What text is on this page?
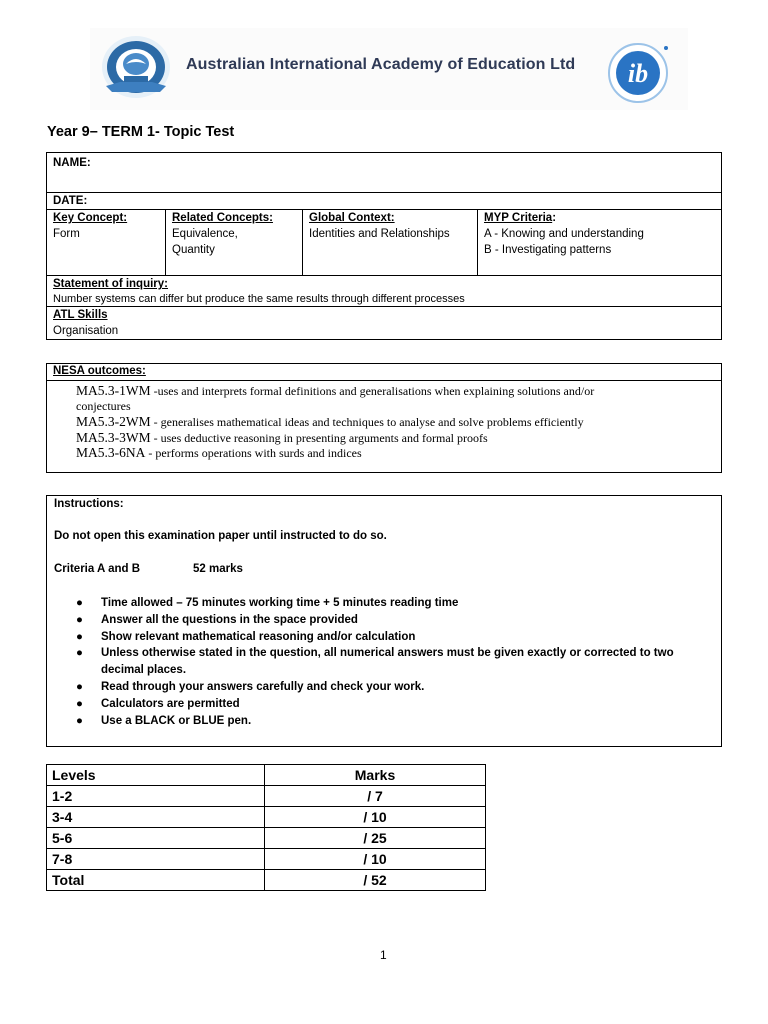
Australian International Academy of Education Ltd ib
Year 9– TERM 1- Topic Test
NAME:

DATE:

Key Concept:
Form

Related Concepts:
Equivalence,
Quantity

Global Context:
Identities and Relationships

MYP Criteria:
A - Knowing and understanding
B - Investigating patterns

Statement of inquiry:
Number systems can differ but produce the same results through different processes

ATL Skills
Organisation
NESA outcomes:
MA5.3-1WM -uses and interprets formal definitions and generalisations when explaining solutions and/or
conjectures
MA5.3-2WM - generalises mathematical ideas and techniques to analyse and solve problems efficiently
MA5.3-3WM - uses deductive reasoning in presenting arguments and formal proofs
MA5.3-6NA - performs operations with surds and indices
Instructions:
Do not open this examination paper until instructed to do so.
Criteria A and B	52 marks
● Time allowed – 75 minutes working time + 5 minutes reading time
● Answer all the questions in the space provided
● Show relevant mathematical reasoning and/or calculation
● Unless otherwise stated in the question, all numerical answers must be given exactly or corrected to two decimal places.
● Read through your answers carefully and check your work.
● Calculators are permitted
● Use a BLACK or BLUE pen.
Levels	Marks
1-2	/ 7
3-4	/ 10
5-6	/ 25
7-8	/ 10
Total	/ 52
1
